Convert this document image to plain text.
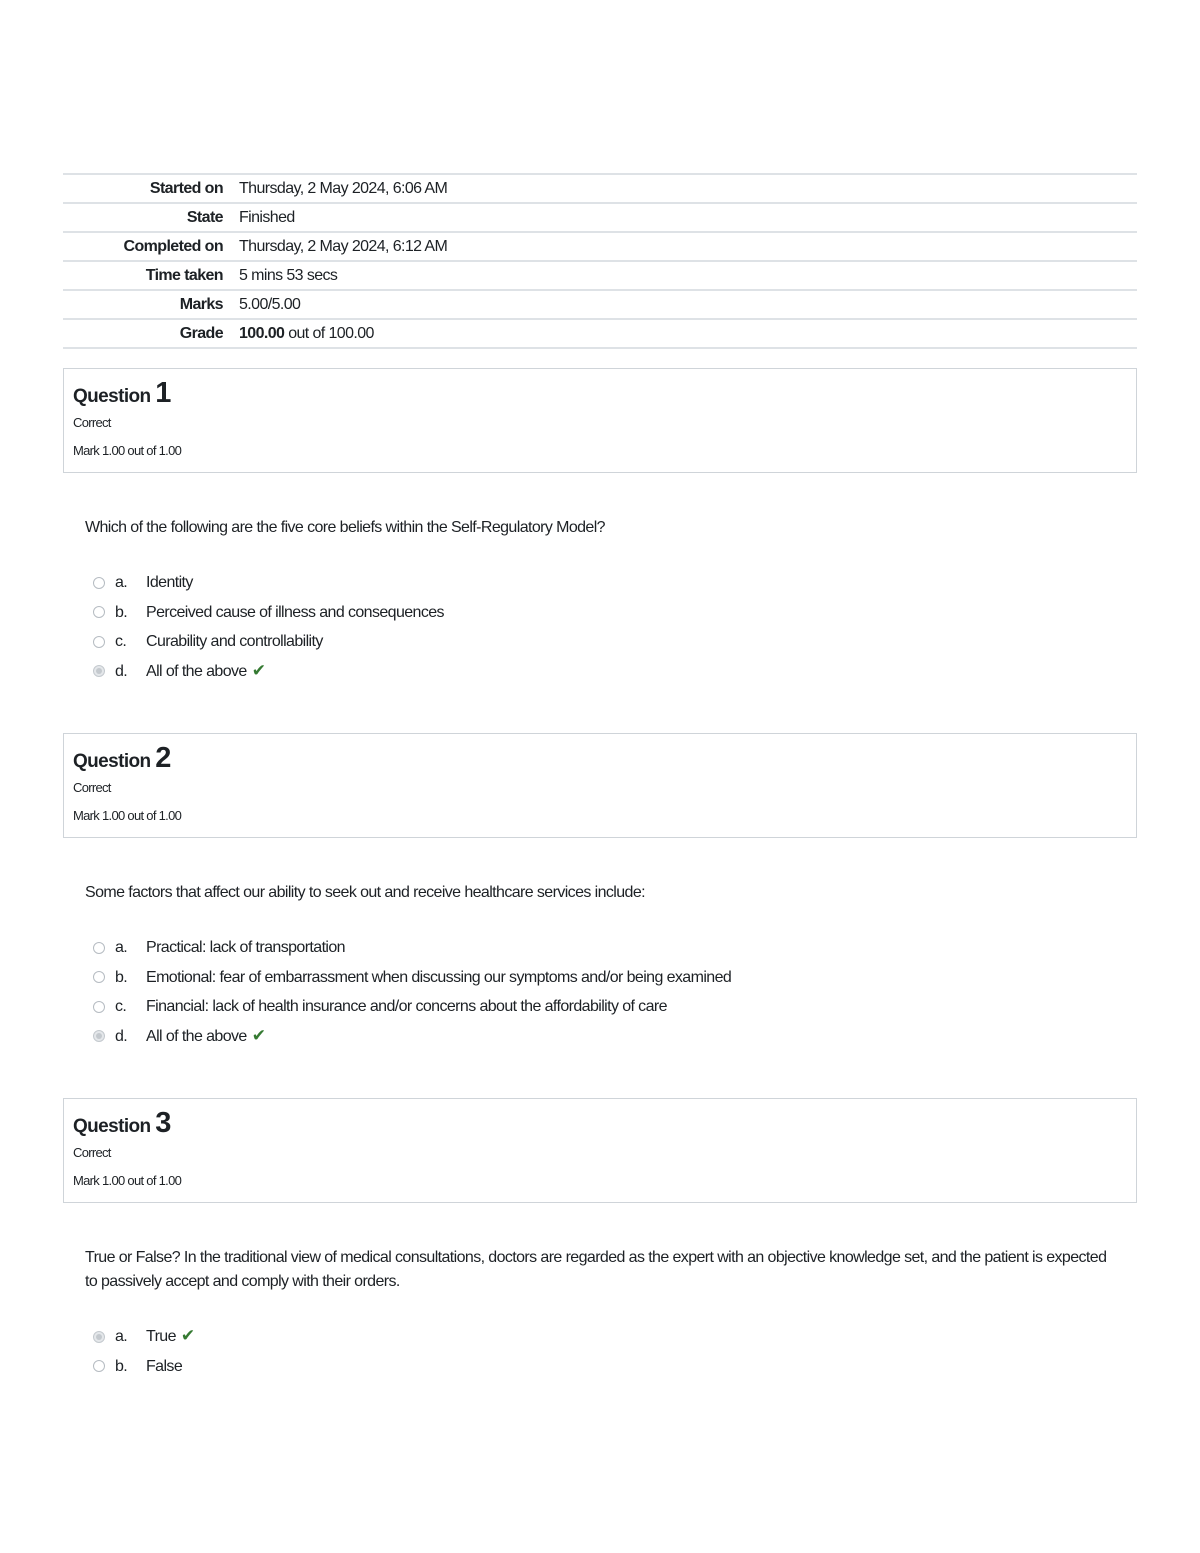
Started on	Thursday, 2 May 2024, 6:06 AM
State	Finished
Completed on	Thursday, 2 May 2024, 6:12 AM
Time taken	5 mins 53 secs
Marks	5.00/5.00
Grade	100.00 out of 100.00
Question 1
Correct
Mark 1.00 out of 1.00

Which of the following are the five core beliefs within the Self-Regulatory Model?

a.	Identity
b.	Perceived cause of illness and consequences
c.	Curability and controllability
d.	All of the above ✔
Question 2
Correct
Mark 1.00 out of 1.00

Some factors that affect our ability to seek out and receive healthcare services include:

a.	Practical: lack of transportation
b.	Emotional: fear of embarrassment when discussing our symptoms and/or being examined
c.	Financial: lack of health insurance and/or concerns about the affordability of care
d.	All of the above ✔
Question 3
Correct
Mark 1.00 out of 1.00

True or False? In the traditional view of medical consultations, doctors are regarded as the expert with an objective knowledge set, and the patient is expected to passively accept and comply with their orders.

a.	True ✔
b.	False
